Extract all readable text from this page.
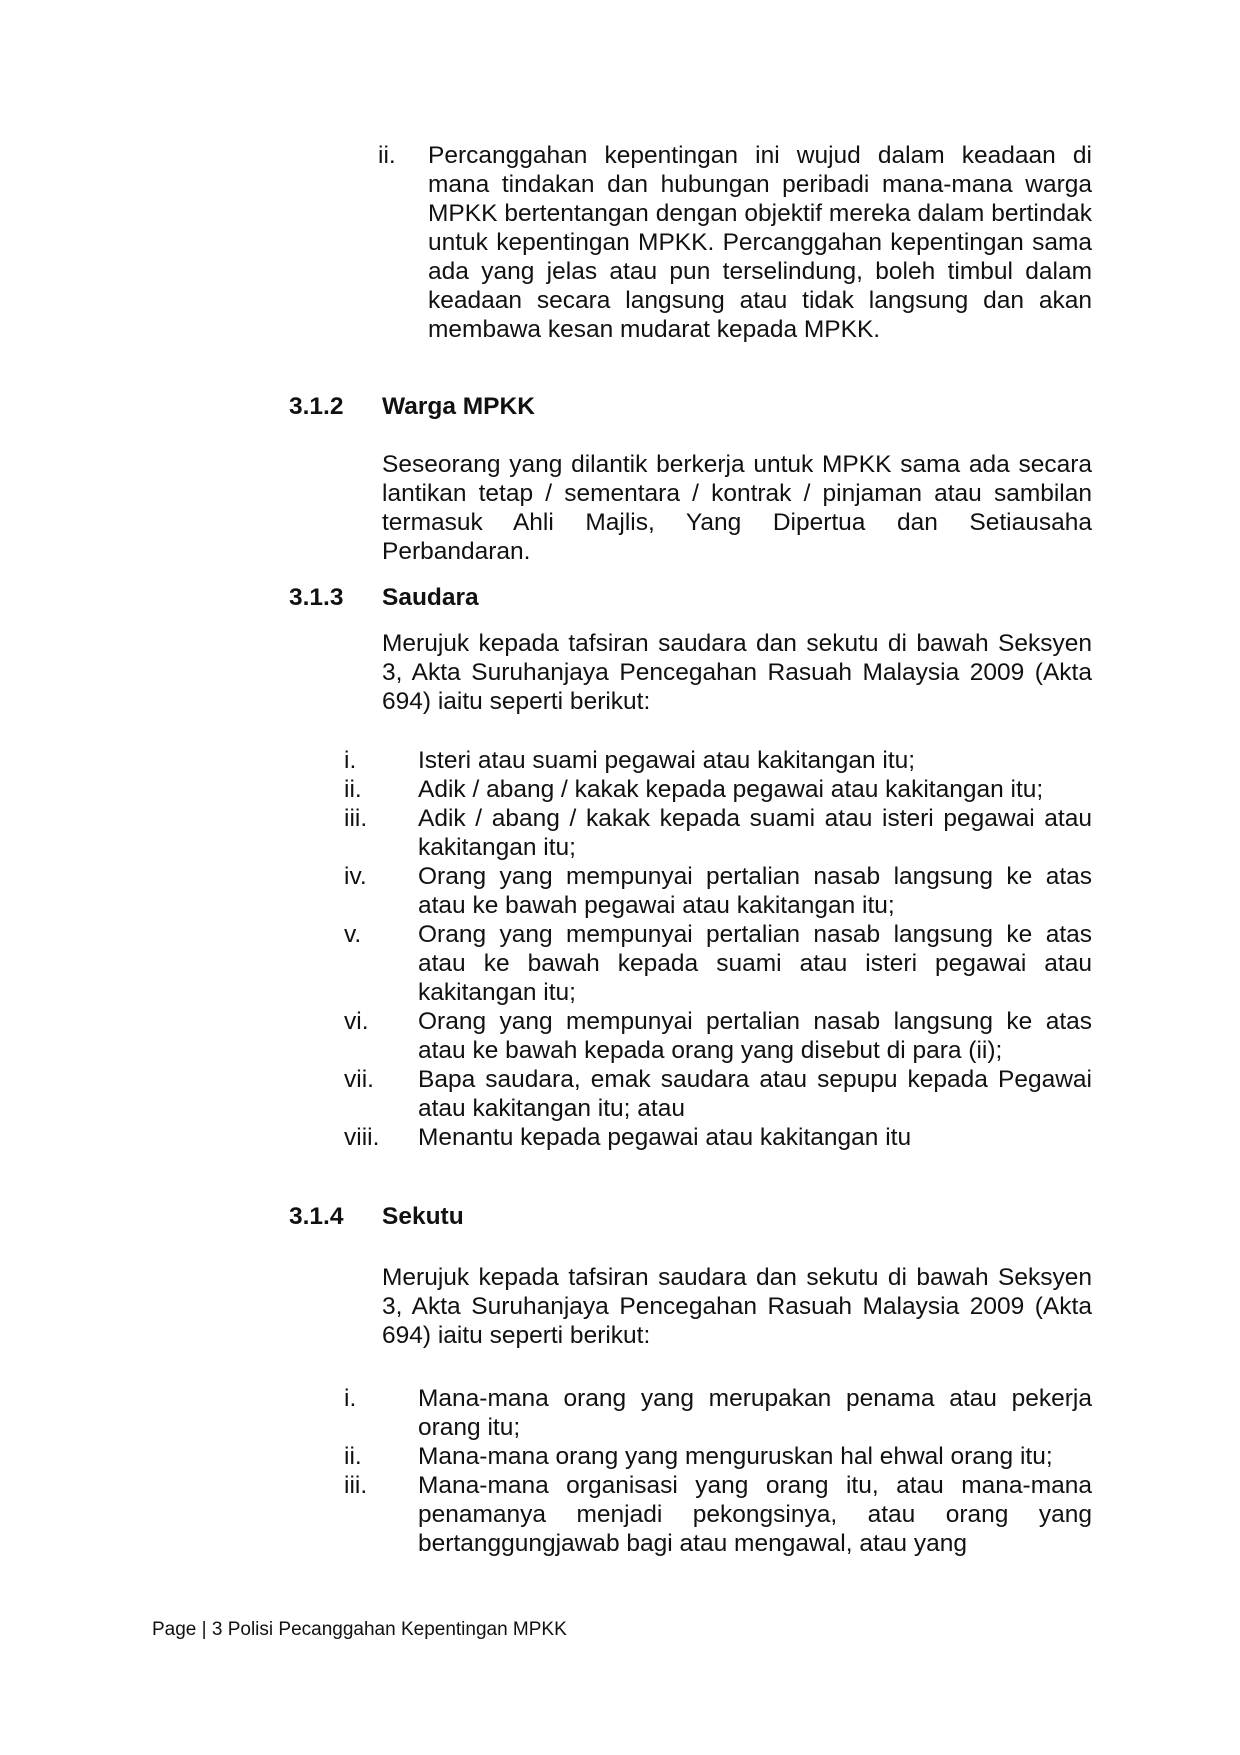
ii.	Percanggahan kepentingan ini wujud dalam keadaan di mana tindakan dan hubungan peribadi mana-mana warga MPKK bertentangan dengan objektif mereka dalam bertindak untuk kepentingan MPKK. Percanggahan kepentingan sama ada yang jelas atau pun terselindung, boleh timbul dalam keadaan secara langsung atau tidak langsung dan akan membawa kesan mudarat kepada MPKK.
3.1.2 Warga MPKK
Seseorang yang dilantik berkerja untuk MPKK sama ada secara lantikan tetap / sementara / kontrak / pinjaman atau sambilan termasuk Ahli Majlis, Yang Dipertua dan Setiausaha Perbandaran.
3.1.3 Saudara
Merujuk kepada tafsiran saudara dan sekutu di bawah Seksyen 3, Akta Suruhanjaya Pencegahan Rasuah Malaysia 2009 (Akta 694) iaitu seperti berikut:
i.	Isteri atau suami pegawai atau kakitangan itu;
ii.	Adik / abang / kakak kepada pegawai atau kakitangan itu;
iii.	Adik / abang / kakak kepada suami atau isteri pegawai atau kakitangan itu;
iv.	Orang yang mempunyai pertalian nasab langsung ke atas atau ke bawah pegawai atau kakitangan itu;
v.	Orang yang mempunyai pertalian nasab langsung ke atas atau ke bawah kepada suami atau isteri pegawai atau kakitangan itu;
vi.	Orang yang mempunyai pertalian nasab langsung ke atas atau ke bawah kepada orang yang disebut di para (ii);
vii.	Bapa saudara, emak saudara atau sepupu kepada Pegawai atau kakitangan itu; atau
viii.	Menantu kepada pegawai atau kakitangan itu
3.1.4 Sekutu
Merujuk kepada tafsiran saudara dan sekutu di bawah Seksyen 3, Akta Suruhanjaya Pencegahan Rasuah Malaysia 2009 (Akta 694) iaitu seperti berikut:
i.	Mana-mana orang yang merupakan penama atau pekerja orang itu;
ii.	Mana-mana orang yang menguruskan hal ehwal orang itu;
iii.	Mana-mana organisasi yang orang itu, atau mana-mana penamanya menjadi pekongsinya, atau orang yang bertanggungjawab bagi atau mengawal, atau yang
Page | 3 Polisi Pecanggahan Kepentingan MPKK
